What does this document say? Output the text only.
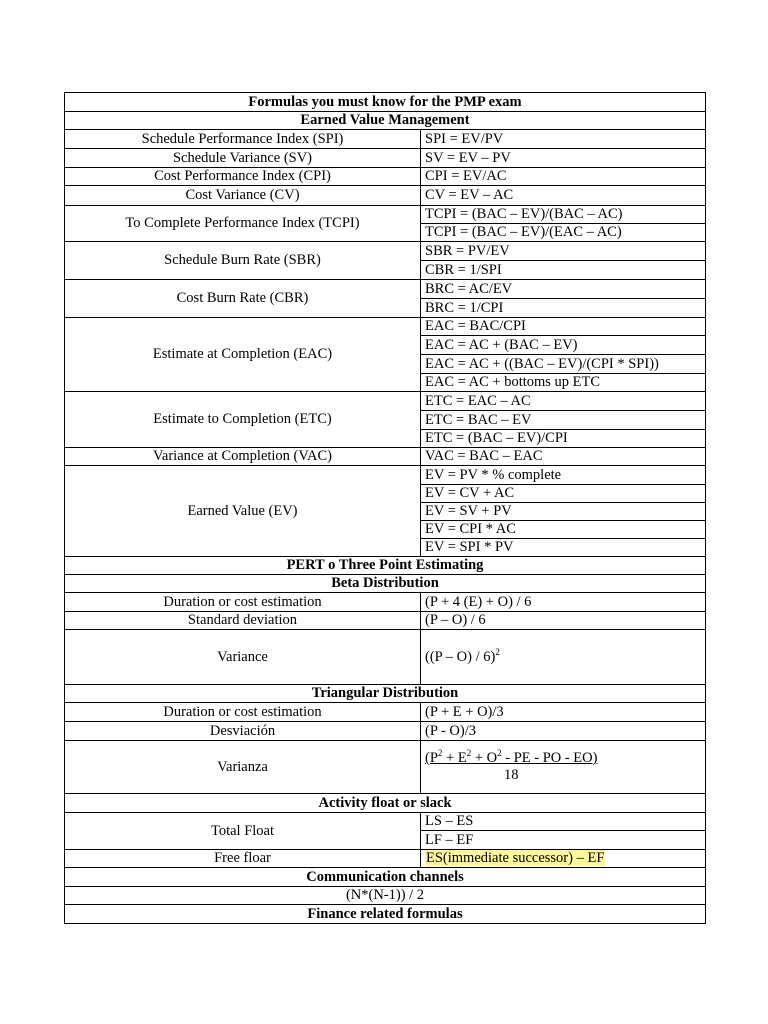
Formulas you must know for the PMP exam	
Earned Value Management	
Schedule Performance Index (SPI)	SPI = EV/PV
Schedule Variance (SV)	SV = EV – PV
Cost Performance Index (CPI)	CPI = EV/AC
Cost Variance (CV)	CV = EV – AC
To Complete Performance Index (TCPI)	TCPI = (BAC – EV)/(BAC – AC)
	TCPI = (BAC – EV)/(EAC – AC)
Schedule Burn Rate (SBR)	SBR = PV/EV
	CBR = 1/SPI
Cost Burn Rate (CBR)	BRC = AC/EV
	BRC = 1/CPI
Estimate at Completion (EAC)	EAC = BAC/CPI
	EAC = AC + (BAC – EV)
	EAC = AC + ((BAC – EV)/(CPI * SPI))
	EAC = AC + bottoms up ETC
Estimate to Completion (ETC)	ETC = EAC – AC
	ETC = BAC – EV
	ETC = (BAC – EV)/CPI
Variance at Completion (VAC)	VAC = BAC – EAC
Earned Value (EV)	EV = PV * % complete
	EV = CV + AC
	EV = SV + PV
	EV = CPI * AC
	EV = SPI * PV
PERT o Three Point Estimating	
Beta Distribution	
Duration or cost estimation	(P + 4 (E) + O) / 6
Standard deviation	(P – O) / 6
Variance	((P – O) / 6)$^2$
Triangular Distribution	
Duration or cost estimation	(P + E + O)/3
Desviación	(P - O)/3
Varianza	$\frac{(P^2 + E^2 + O^2 - PE - PO - EO)}{18}$

Activity float or slack	
Total Float	LS – ES
	LF – EF
Free floar	ES(immediate successor) – EF
Communication channels	
(N*(N-1)) / 2	
Finance related formulas	
